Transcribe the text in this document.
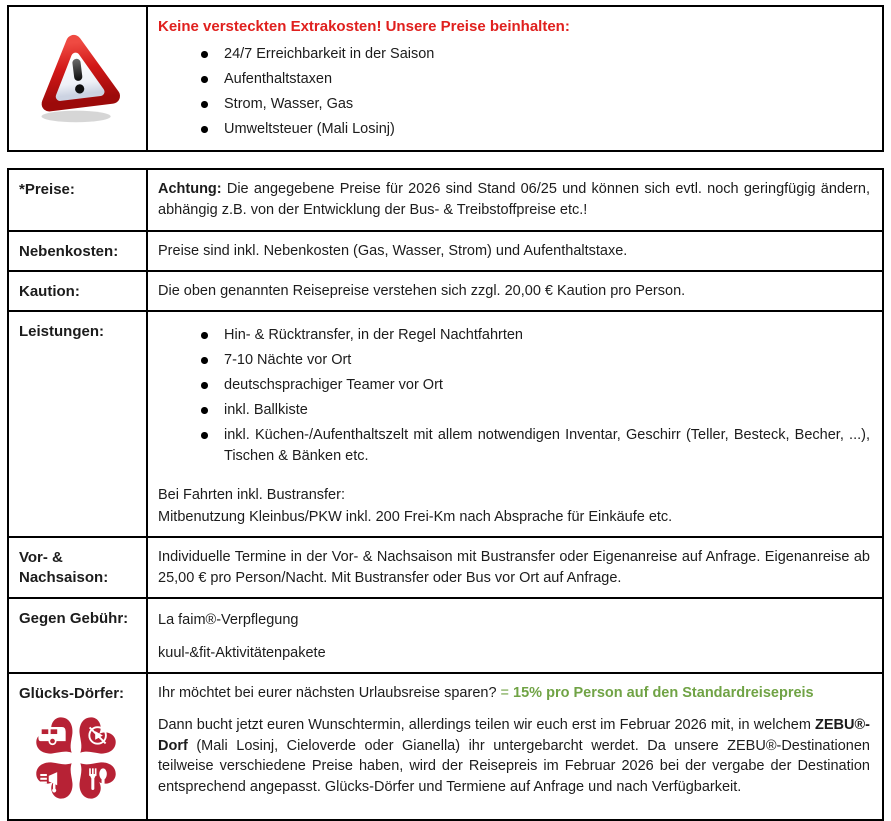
Keine versteckten Extrakosten! Unsere Preise beinhalten:
24/7 Erreichbarkeit in der Saison
Aufenthaltstaxen
Strom, Wasser, Gas
Umweltsteuer (Mali Losinj)
*Preise:	Achtung: Die angegebene Preise für 2026 sind Stand 06/25 und können sich evtl. noch geringfügig ändern, abhängig z.B. von der Entwicklung der Bus- & Treibstoffpreise etc.!
Nebenkosten:	Preise sind inkl. Nebenkosten (Gas, Wasser, Strom) und Aufenthaltstaxe.
Kaution:	Die oben genannten Reisepreise verstehen sich zzgl. 20,00 € Kaution pro Person.
Leistungen:	Hin- & Rücktransfer, in der Regel Nachtfahrten
7-10 Nächte vor Ort
deutschsprachiger Teamer vor Ort
inkl. Ballkiste
inkl. Küchen-/Aufenthaltszelt mit allem notwendigen Inventar, Geschirr (Teller, Besteck, Becher, ...), Tischen & Bänken etc.
Bei Fahrten inkl. Bustransfer:
Mitbenutzung Kleinbus/PKW inkl. 200 Frei-Km nach Absprache für Einkäufe etc.

Vor- & Nachsaison:	Individuelle Termine in der Vor- & Nachsaison mit Bustransfer oder Eigenanreise auf Anfrage. Eigenanreise ab 25,00 € pro Person/Nacht. Mit Bustransfer oder Bus vor Ort auf Anfrage.
Gegen Gebühr:	La faim®-Verpflegung
kuul-&fit-Aktivitätenpakete

Glücks-Dörfer:	Ihr möchtet bei eurer nächsten Urlaubsreise sparen? = 15% pro Person auf den Standardreisepreis

Dann bucht jetzt euren Wunschtermin, allerdings teilen wir euch erst im Februar 2026 mit, in welchem ZEBU®-Dorf (Mali Losinj, Cieloverde oder Gianella) ihr untergebarcht werdet. Da unsere ZEBU®-Destinationen teilweise verschiedene Preise haben, wird der Reisepreis im Februar 2026 bei der vergabe der Destination entsprechend angepasst. Glücks-Dörfer und Termiene auf Anfrage und nach Verfügbarkeit.
